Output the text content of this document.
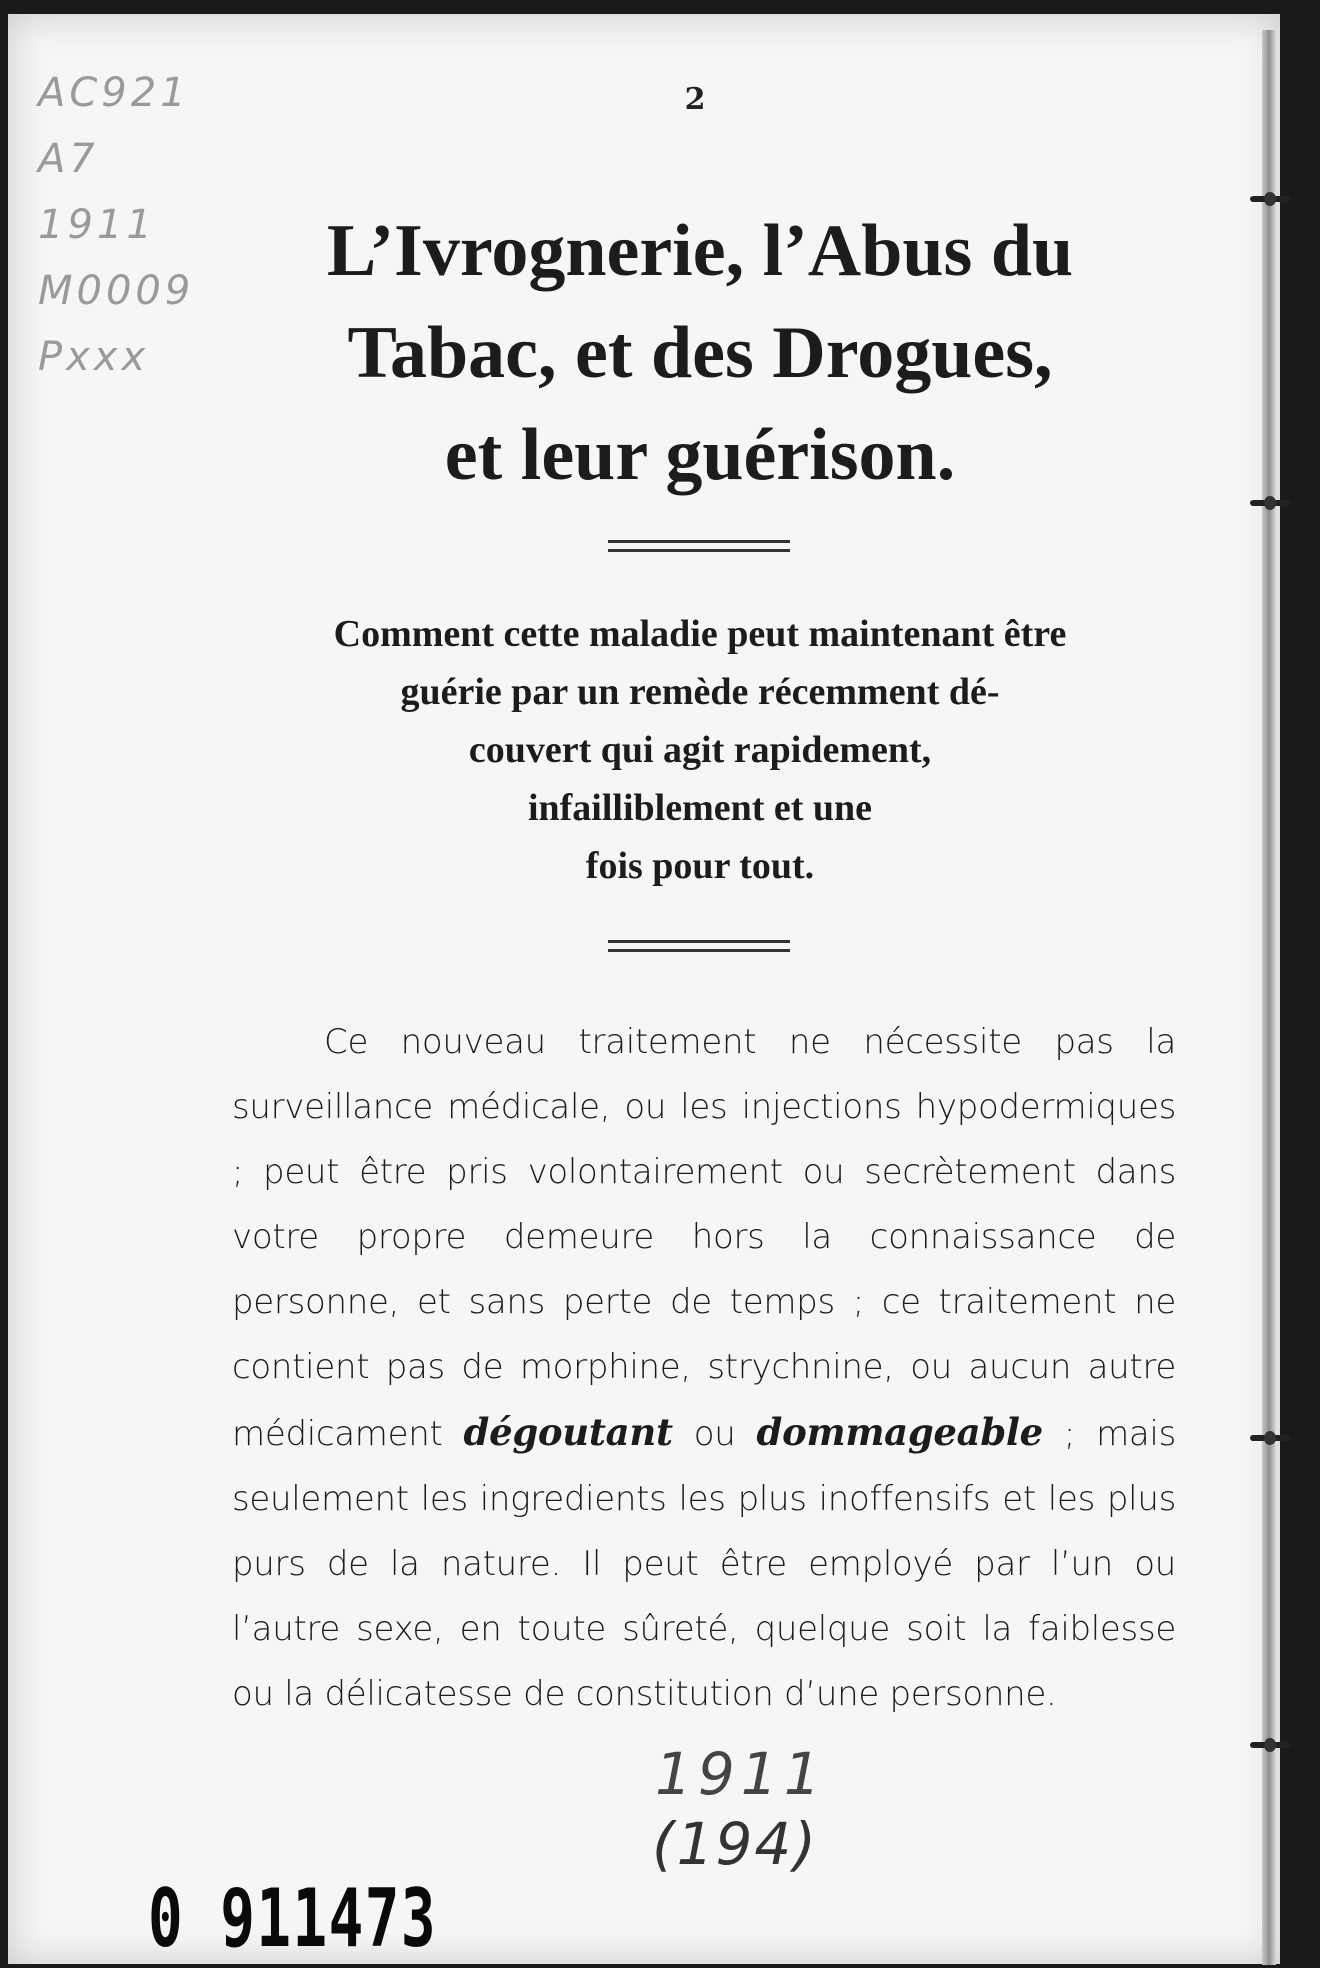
AC921
A7
1911
M0009
Pxxx
2
L’Ivrognerie, l’Abus du
Tabac, et des Drogues,
et leur guérison.

Comment cette maladie peut maintenant être
guérie par un remède récemment dé-
couvert qui agit rapidement,
infailliblement et une
fois pour tout.

Ce nouveau traitement ne nécessite pas la surveillance médicale, ou les injections hypodermiques ; peut être pris volontairement ou secrètement dans votre propre demeure hors la connaissance de personne, et sans perte de temps ; ce traitement ne contient pas de morphine, strychnine, ou aucun autre médicament dégoutant ou dommageable ; mais seulement les ingredients les plus inoffensifs et les plus purs de la nature. Il peut être employé par l’un ou l’autre sexe, en toute sûreté, quelque soit la faiblesse ou la délicatesse de constitution d’une personne.

1911
(194)
0 911473
